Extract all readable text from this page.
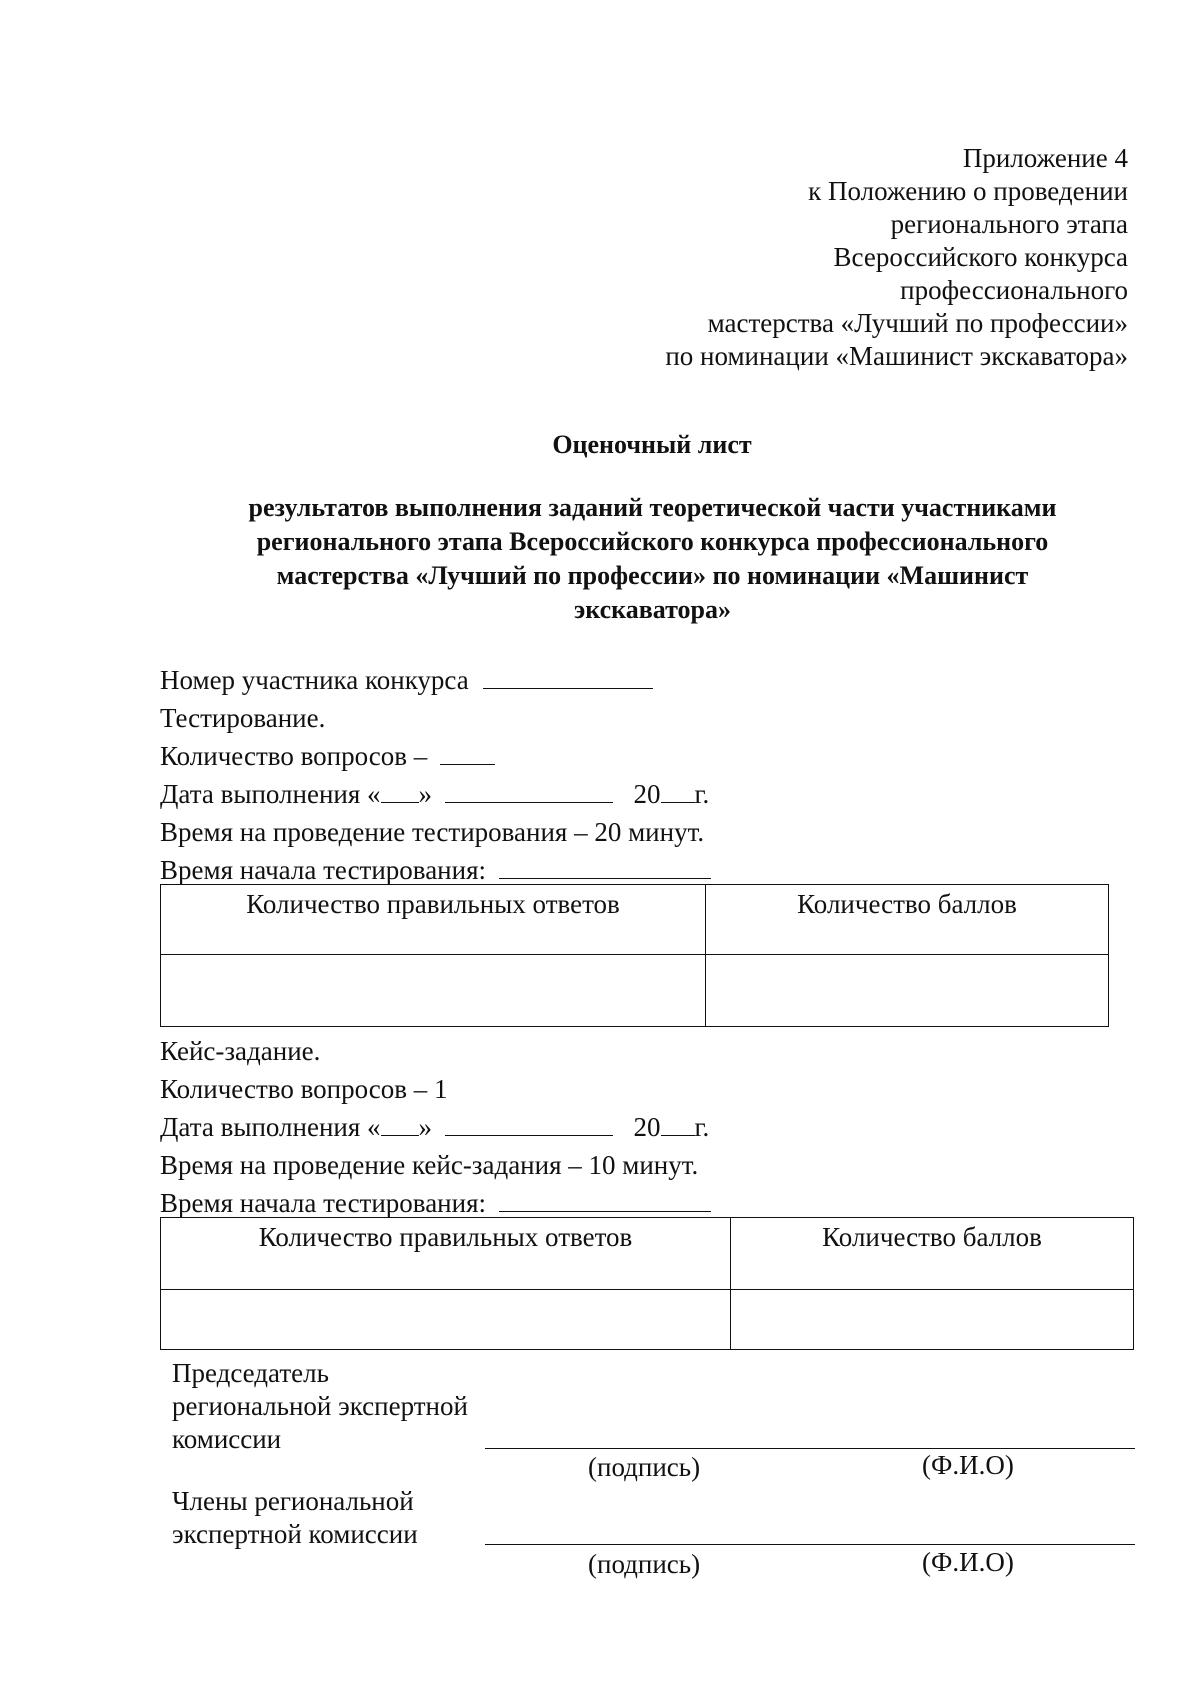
Приложение 4
к Положению о проведении
регионального этапа
Всероссийского конкурса
профессионального
мастерства «Лучший по профессии»
по номинации «Машинист экскаватора»
Оценочный лист
результатов выполнения заданий теоретической части участниками
регионального этапа Всероссийского конкурса профессионального
мастерства «Лучший по профессии» по номинации «Машинист
экскаватора»
Номер участника конкурса
Тестирование.
Количество вопросов –
Дата выполнения « »	20 г.
Время на проведение тестирования – 20 минут.
Время начала тестирования:
Количество правильных ответов	Количество баллов

Кейс-задание.
Количество вопросов – 1
Дата выполнения « »	20 г.
Время на проведение кейс-задания – 10 минут.
Время начала тестирования:
Количество правильных ответов	Количество баллов

Председатель
региональной экспертной
комиссии
(подпись)	(Ф.И.О)
Члены региональной
экспертной комиссии
(подпись)	(Ф.И.О)
